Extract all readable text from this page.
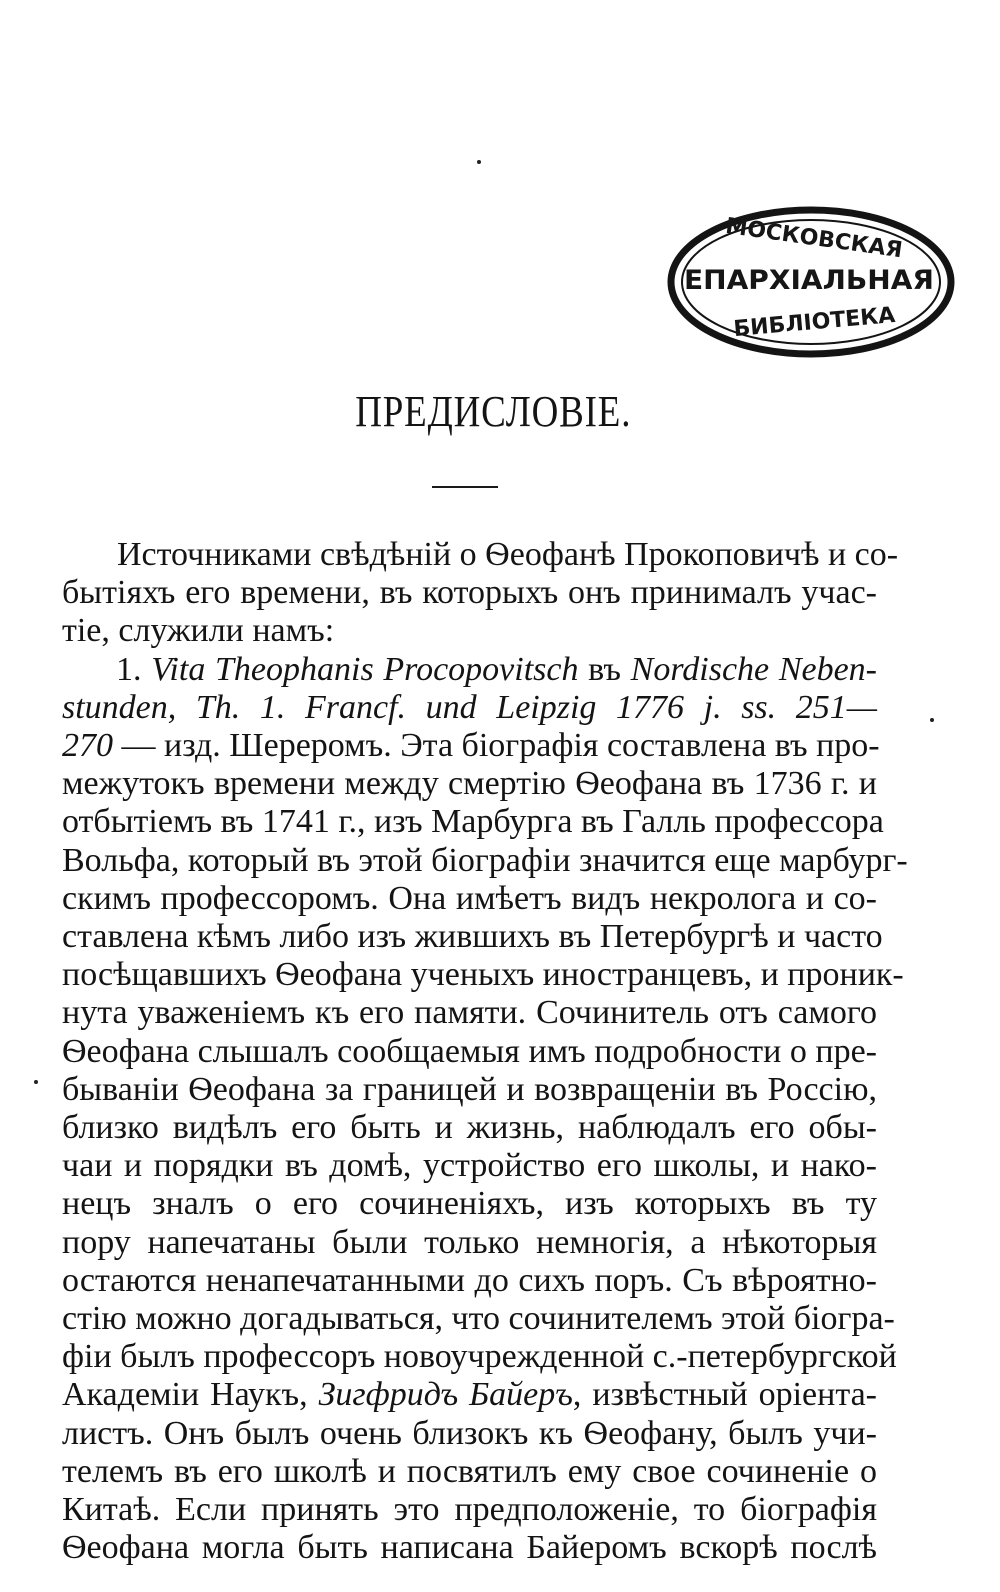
МОСКОВСКАЯ
ЕПАРХІАЛЬНАЯ
БИБЛІОТЕКА
ПРЕДИСЛОВІЕ.
Источниками свѣдѣній о Ѳеофанѣ Прокоповичѣ и со-
бытіяхъ его времени, въ которыхъ онъ принималъ учас-
тіе, служили намъ:
1. Vita Theophanis Procopovitsch въ Nordische Neben-
stunden, Th. 1. Francf. und Leipzig 1776 j. ss. 251—
270 — изд. Шереромъ. Эта біографія составлена въ про-
межутокъ времени между смертію Ѳеофана въ 1736 г. и
отбытіемъ въ 1741 г., изъ Марбурга въ Галль профессора
Вольфа, который въ этой біографіи значится еще марбург-
скимъ профессоромъ. Она имѣетъ видъ некролога и со-
ставлена кѣмъ либо изъ жившихъ въ Петербургѣ и часто
посѣщавшихъ Ѳеофана ученыхъ иностранцевъ, и проник-
нута уваженіемъ къ его памяти. Сочинитель отъ самого
Ѳеофана слышалъ сообщаемыя имъ подробности о пре-
бываніи Ѳеофана за границей и возвращеніи въ Россію,
близко видѣлъ его быть и жизнь, наблюдалъ его обы-
чаи и порядки въ домѣ, устройство его школы, и нако-
нецъ зналъ о его сочиненіяхъ, изъ которыхъ въ ту
пору напечатаны были только немногія, а нѣкоторыя
остаются ненапечатанными до сихъ поръ. Съ вѣроятно-
стію можно догадываться, что сочинителемъ этой біогра-
фіи былъ профессоръ новоучрежденной с.-петербургской
Академіи Наукъ, Зигфридъ Байеръ, извѣстный оріента-
листъ. Онъ былъ очень близокъ къ Ѳеофану, былъ учи-
телемъ въ его школѣ и посвятилъ ему свое сочиненіе о
Китаѣ. Если принять это предположеніе, то біографія
Ѳеофана могла быть написана Байеромъ вскорѣ послѣ
